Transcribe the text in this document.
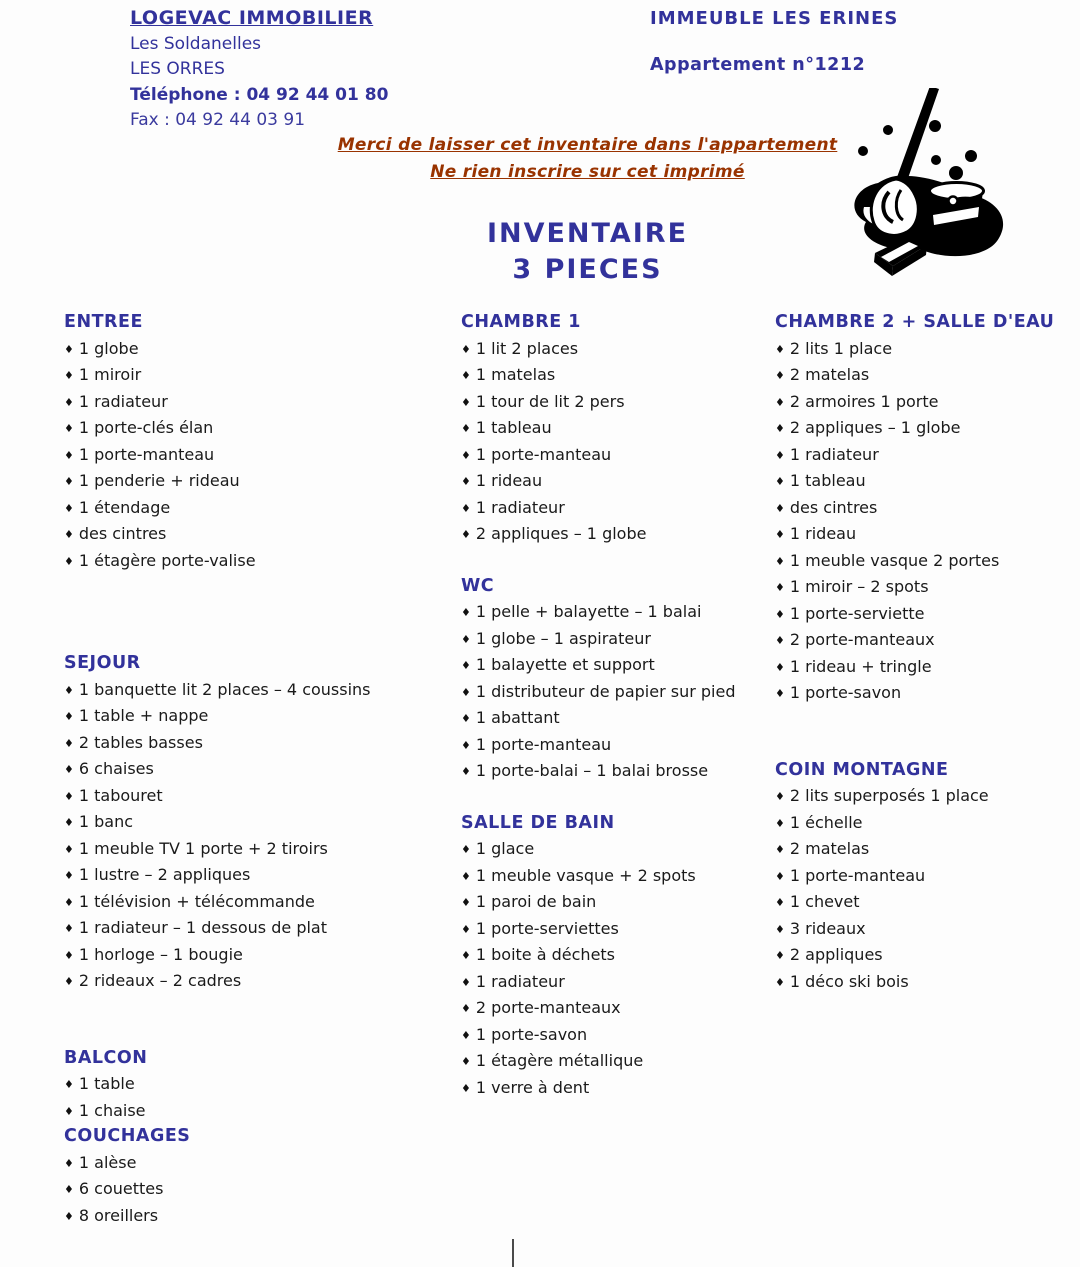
LOGEVAC IMMOBILIER
Les Soldanelles
LES ORRES
Téléphone : 04 92 44 01 80
Fax : 04 92 44 03 91
IMMEUBLE LES ERINES
Appartement n°1212
Merci de laisser cet inventaire dans l'appartement
Ne rien inscrire sur cet imprimé
INVENTAIRE
3 PIECES
ENTREE
♦ 1 globe
♦ 1 miroir
♦ 1 radiateur
♦ 1 porte-clés élan
♦ 1 porte-manteau
♦ 1 penderie + rideau
♦ 1 étendage
♦ des cintres
♦ 1 étagère porte-valise
SEJOUR
♦ 1 banquette lit 2 places – 4 coussins
♦ 1 table + nappe
♦ 2 tables basses
♦ 6 chaises
♦ 1 tabouret
♦ 1 banc
♦ 1 meuble TV 1 porte + 2 tiroirs
♦ 1 lustre – 2 appliques
♦ 1 télévision + télécommande
♦ 1 radiateur – 1 dessous de plat
♦ 1 horloge – 1 bougie
♦ 2 rideaux – 2 cadres
BALCON
♦ 1 table
♦ 1 chaise
COUCHAGES
♦ 1 alèse
♦ 6 couettes
♦ 8 oreillers
CHAMBRE 1
♦ 1 lit 2 places
♦ 1 matelas
♦ 1 tour de lit 2 pers
♦ 1 tableau
♦ 1 porte-manteau
♦ 1 rideau
♦ 1 radiateur
♦ 2 appliques – 1 globe
WC
♦ 1 pelle + balayette – 1 balai
♦ 1 globe – 1 aspirateur
♦ 1 balayette et support
♦ 1 distributeur de papier sur pied
♦ 1 abattant
♦ 1 porte-manteau
♦ 1 porte-balai – 1 balai brosse
SALLE DE BAIN
♦ 1 glace
♦ 1 meuble vasque + 2 spots
♦ 1 paroi de bain
♦ 1 porte-serviettes
♦ 1 boite à déchets
♦ 1 radiateur
♦ 2 porte-manteaux
♦ 1 porte-savon
♦ 1 étagère métallique
♦ 1 verre à dent
CHAMBRE 2 + SALLE D'EAU
♦ 2 lits 1 place
♦ 2 matelas
♦ 2 armoires 1 porte
♦ 2 appliques – 1 globe
♦ 1 radiateur
♦ 1 tableau
♦ des cintres
♦ 1 rideau
♦ 1 meuble vasque 2 portes
♦ 1 miroir – 2 spots
♦ 1 porte-serviette
♦ 2 porte-manteaux
♦ 1 rideau + tringle
♦ 1 porte-savon
COIN MONTAGNE
♦ 2 lits superposés 1 place
♦ 1 échelle
♦ 2 matelas
♦ 1 porte-manteau
♦ 1 chevet
♦ 3 rideaux
♦ 2 appliques
♦ 1 déco ski bois
